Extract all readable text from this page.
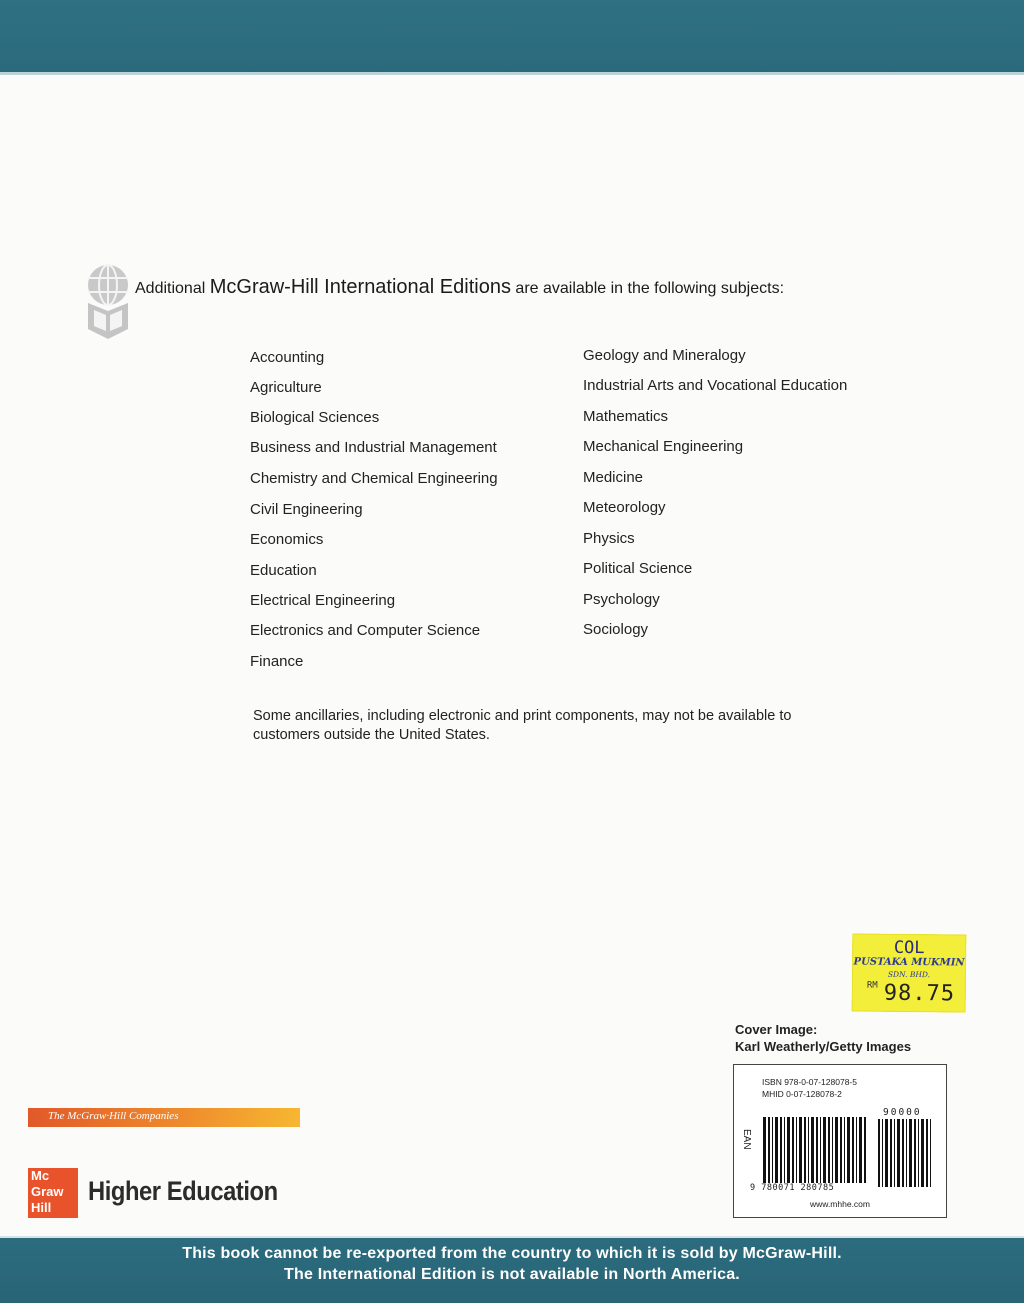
Additional McGraw-Hill International Editions are available in the following subjects:
Accounting
Agriculture
Biological Sciences
Business and Industrial Management
Chemistry and Chemical Engineering
Civil Engineering
Economics
Education
Electrical Engineering
Electronics and Computer Science
Finance
Geology and Mineralogy
Industrial Arts and Vocational Education
Mathematics
Mechanical Engineering
Medicine
Meteorology
Physics
Political Science
Psychology
Sociology
Some ancillaries, including electronic and print components, may not be available to customers outside the United States.
COL
PUSTAKA MUKMIN
SDN. BHD.
RM 98.75
Cover Image:
Karl Weatherly/Getty Images
ISBN 978-0-07-128078-5
MHID 0-07-128078-2
EAN
90000
9 780071 280785
www.mhhe.com
The McGraw·Hill Companies
Mc
Graw
Hill
Higher Education
This book cannot be re-exported from the country to which it is sold by McGraw-Hill.
The International Edition is not available in North America.
